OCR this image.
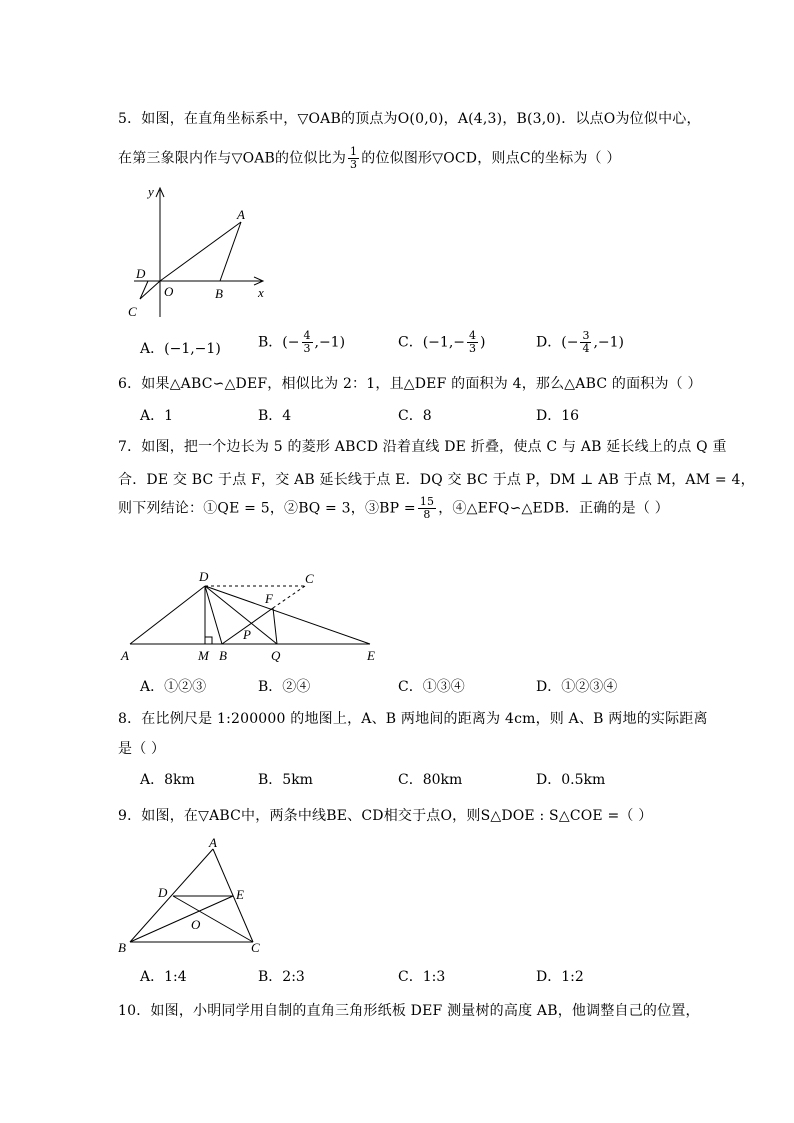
5．如图，在直角坐标系中，▽OAB的顶点为O(0,0)，A(4,3)，B(3,0)．以点O为位似中心，
在第三象限内作与▽OAB的位似比为 $\frac{1}{3}$ 的位似图形▽OCD，则点C的坐标为（ ）
y
A
D
O	B	x
C
A．(−1,−1)	B．(− $\frac{4}{3} ,-1$)	C．($-1,- \frac{4}{3}$ )	D．(− $\frac{3}{4} ,-1$)
6．如果△ABC∽△DEF，相似比为 2：1，且△DEF 的面积为 4，那么△ABC 的面积为（ ）
A．1	B．4	C．8	D．16
7．如图，把一个边长为 5 的菱形 ABCD 沿着直线 DE 折叠，使点 C 与 AB 延长线上的点 Q 重
合．DE 交 BC 于点 F，交 AB 延长线于点 E．DQ 交 BC 于点 P，DM ⊥ AB 于点 M，AM = 4，
则下列结论：①QE = 5，②BQ = 3，③BP = $\frac{15}{8}$ ，④△EFQ∽△EDB．正确的是（ ）
D	C
F
P
A	M B	Q	E
A．①②③	B．②④	C．①③④	D．①②③④
8．在比例尺是 1:200000 的地图上，A、B 两地间的距离为 4cm，则 A、B 两地的实际距离
是（ ）
A．8km	B．5km	C．80km	D．0.5km
9．如图，在▽ABC中，两条中线BE、CD相交于点O，则S△DOE : S△COE =（ ）
A
D	E
O
B	C
A．1:4	B．2:3	C．1:3	D．1:2
10．如图，小明同学用自制的直角三角形纸板 DEF 测量树的高度 AB，他调整自己的位置，
